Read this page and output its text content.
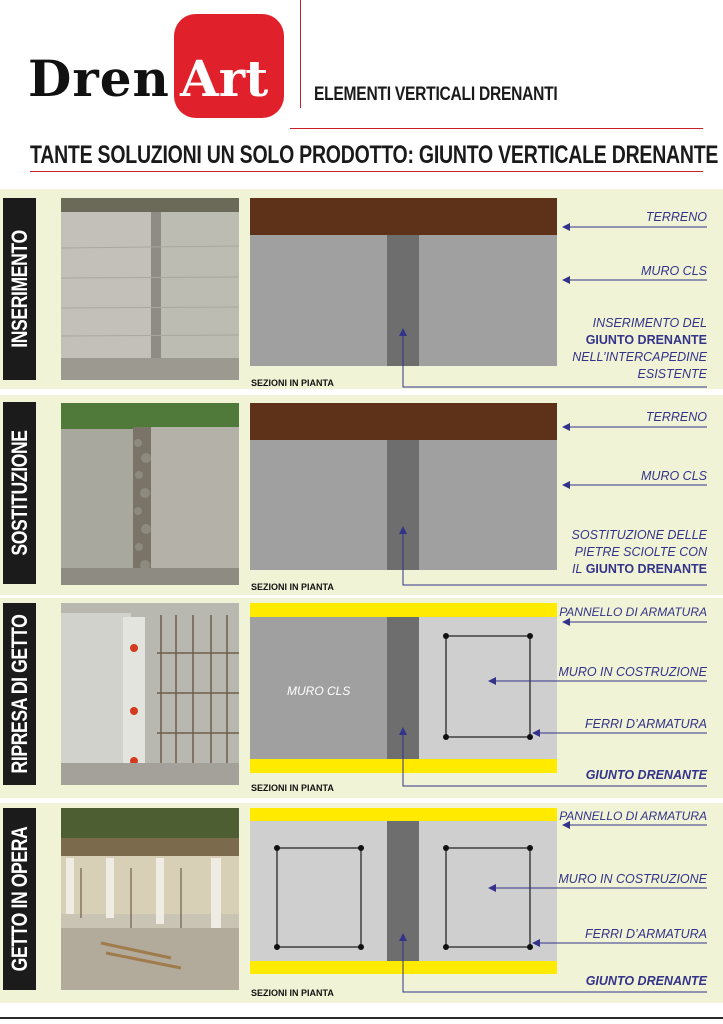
Dren Art ELEMENTI VERTICALI DRENANTI
TANTE SOLUZIONI UN SOLO PRODOTTO: GIUNTO VERTICALE DRENANTE
INSERIMENTO
SEZIONI IN PIANTA
TERRENO
MURO CLS
INSERIMENTO DEL
GIUNTO DRENANTE
NELL’INTERCAPEDINE
ESISTENTE
SOSTITUZIONE
SEZIONI IN PIANTA
TERRENO
MURO CLS
SOSTITUZIONE DELLE
PIETRE SCIOLTE CON
IL GIUNTO DRENANTE
RIPRESA DI GETTO	MURO CLS
SEZIONI IN PIANTA
PANNELLO DI ARMATURA
MURO IN COSTRUZIONE
FERRI D’ARMATURA
GIUNTO DRENANTE
GETTO IN OPERA
SEZIONI IN PIANTA
PANNELLO DI ARMATURA
MURO IN COSTRUZIONE
FERRI D’ARMATURA
GIUNTO DRENANTE
